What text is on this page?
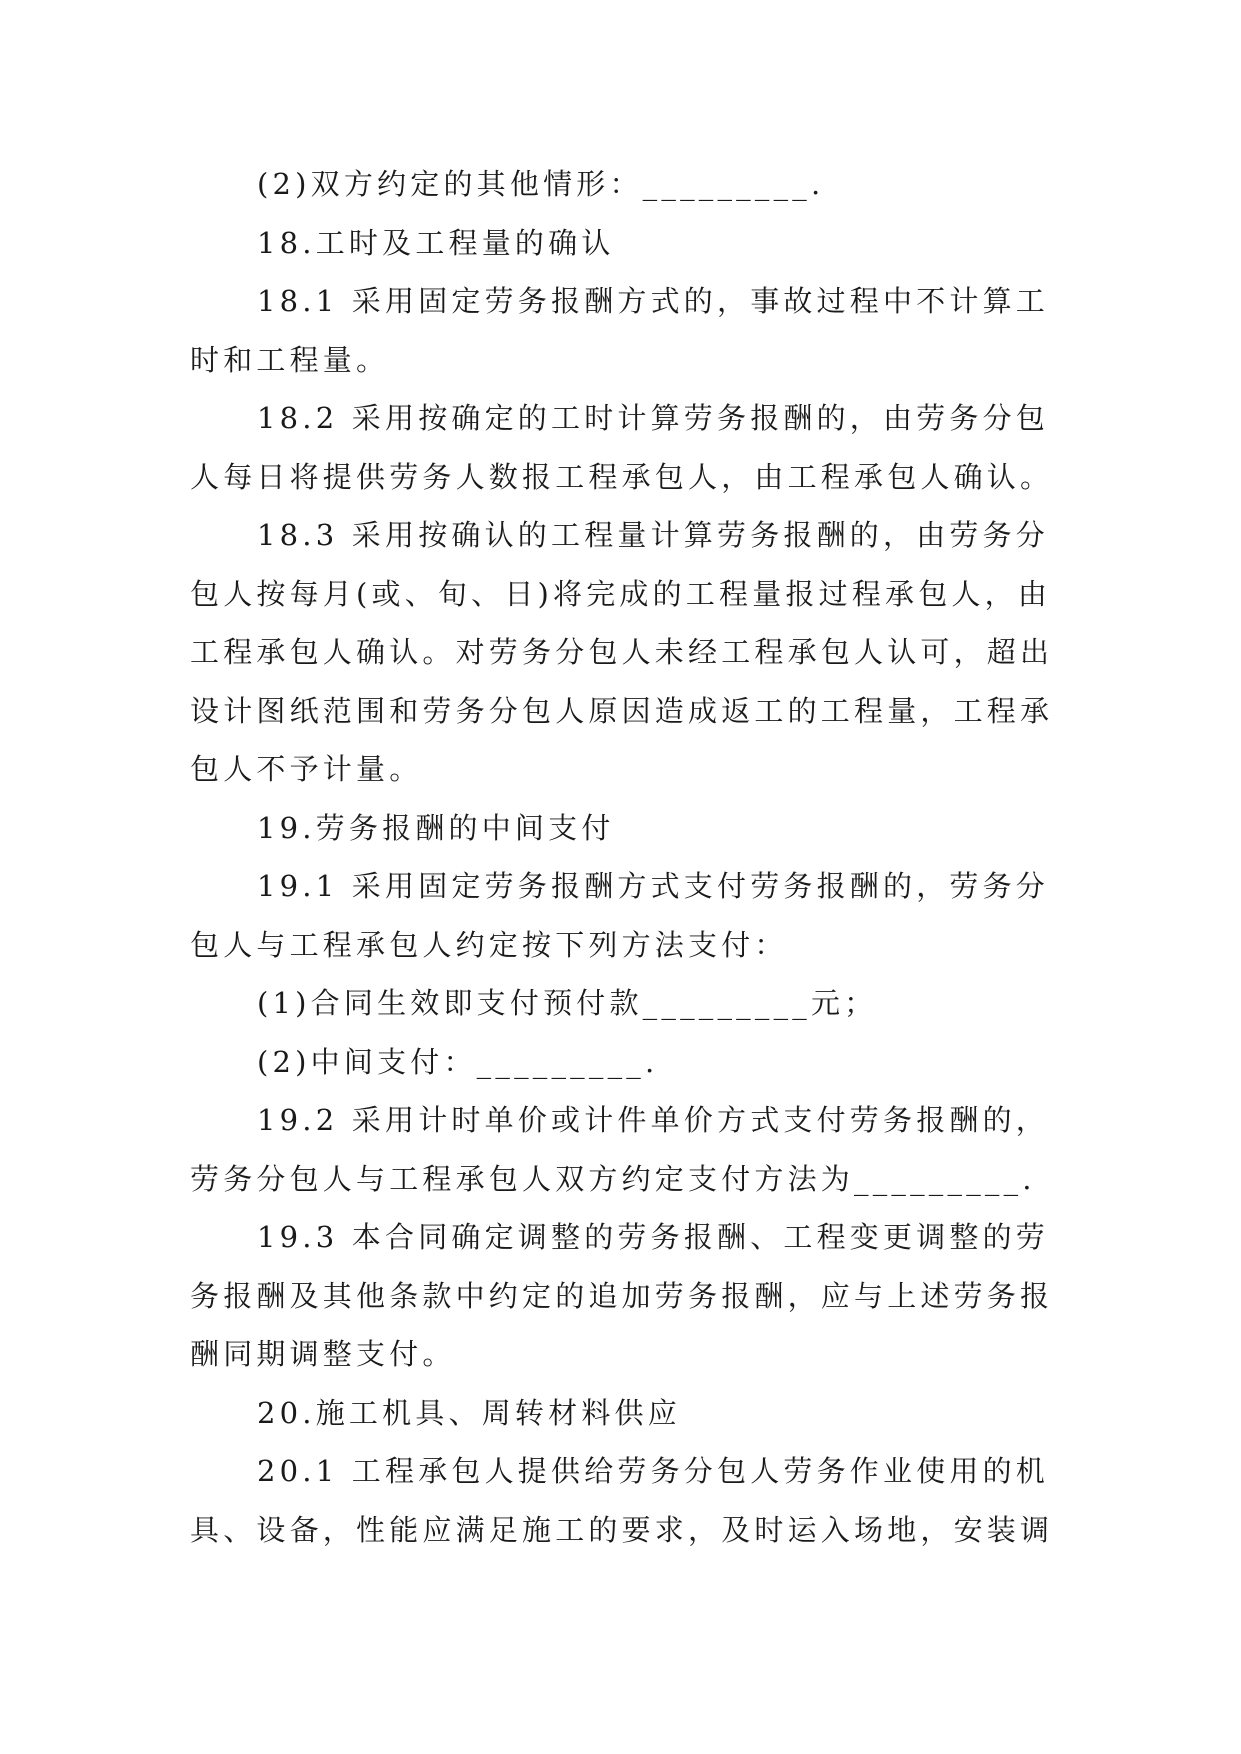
(2)双方约定的其他情形：_________.
18.工时及工程量的确认
18.1 采用固定劳务报酬方式的，事故过程中不计算工
时和工程量。
18.2 采用按确定的工时计算劳务报酬的，由劳务分包
人每日将提供劳务人数报工程承包人，由工程承包人确认。
18.3 采用按确认的工程量计算劳务报酬的，由劳务分
包人按每月(或、旬、日)将完成的工程量报过程承包人，由
工程承包人确认。对劳务分包人未经工程承包人认可，超出
设计图纸范围和劳务分包人原因造成返工的工程量，工程承
包人不予计量。
19.劳务报酬的中间支付
19.1 采用固定劳务报酬方式支付劳务报酬的，劳务分
包人与工程承包人约定按下列方法支付：
(1)合同生效即支付预付款_________元；
(2)中间支付：_________.
19.2 采用计时单价或计件单价方式支付劳务报酬的，
劳务分包人与工程承包人双方约定支付方法为_________.
19.3 本合同确定调整的劳务报酬、工程变更调整的劳
务报酬及其他条款中约定的追加劳务报酬，应与上述劳务报
酬同期调整支付。
20.施工机具、周转材料供应
20.1 工程承包人提供给劳务分包人劳务作业使用的机
具、设备，性能应满足施工的要求，及时运入场地，安装调
